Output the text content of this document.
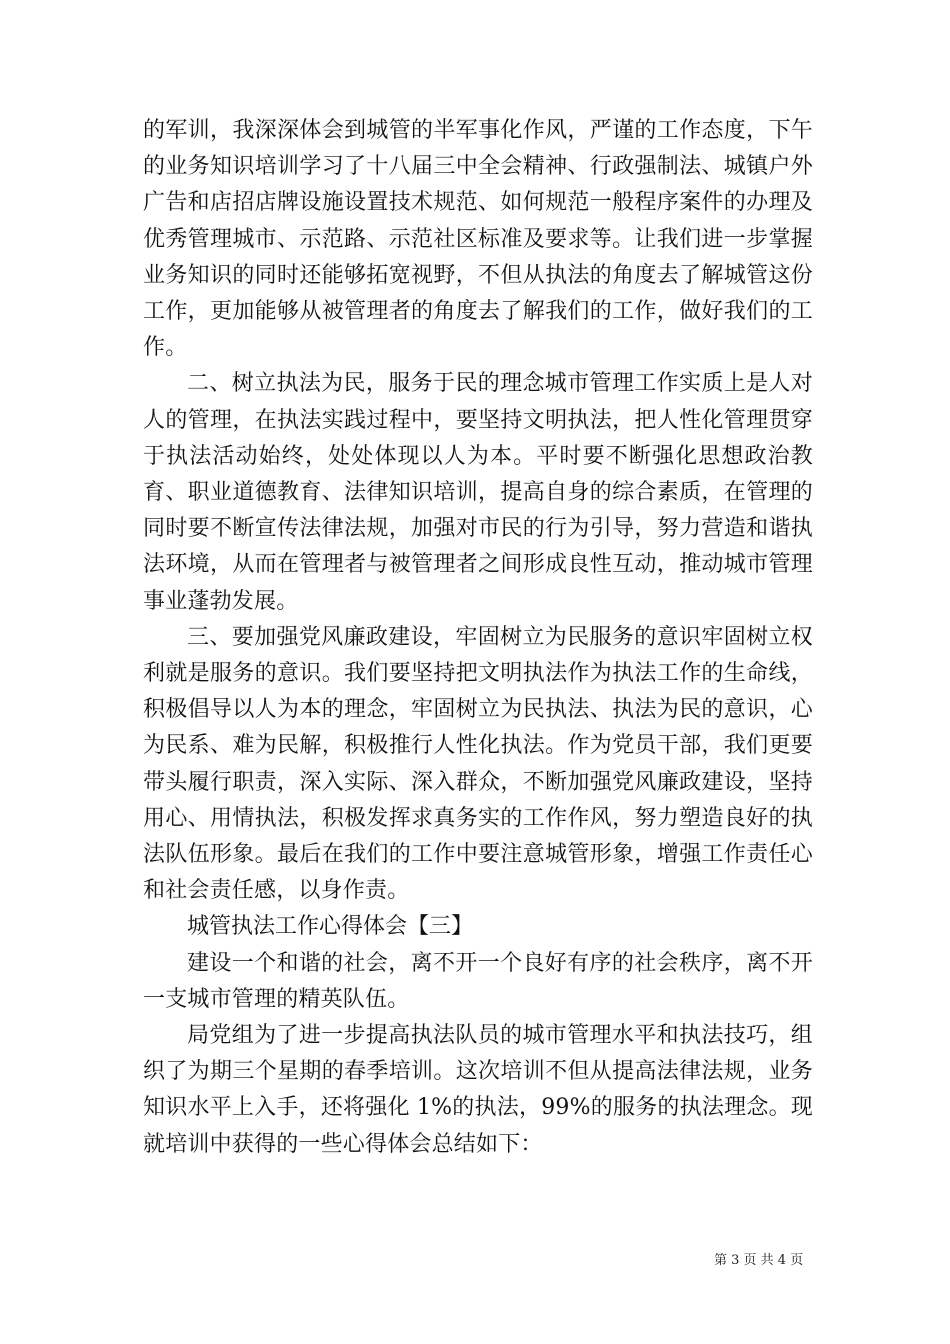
的军训，我深深体会到城管的半军事化作风，严谨的工作态度，下午的业务知识培训学习了十八届三中全会精神、行政强制法、城镇户外广告和店招店牌设施设置技术规范、如何规范一般程序案件的办理及优秀管理城市、示范路、示范社区标准及要求等。让我们进一步掌握业务知识的同时还能够拓宽视野，不但从执法的角度去了解城管这份工作，更加能够从被管理者的角度去了解我们的工作，做好我们的工作。

二、树立执法为民，服务于民的理念城市管理工作实质上是人对人的管理，在执法实践过程中，要坚持文明执法，把人性化管理贯穿于执法活动始终，处处体现以人为本。平时要不断强化思想政治教育、职业道德教育、法律知识培训，提高自身的综合素质，在管理的同时要不断宣传法律法规，加强对市民的行为引导，努力营造和谐执法环境，从而在管理者与被管理者之间形成良性互动，推动城市管理事业蓬勃发展。

三、要加强党风廉政建设，牢固树立为民服务的意识牢固树立权利就是服务的意识。我们要坚持把文明执法作为执法工作的生命线，积极倡导以人为本的理念，牢固树立为民执法、执法为民的意识，心为民系、难为民解，积极推行人性化执法。作为党员干部，我们更要带头履行职责，深入实际、深入群众，不断加强党风廉政建设，坚持用心、用情执法，积极发挥求真务实的工作作风，努力塑造良好的执法队伍形象。最后在我们的工作中要注意城管形象，增强工作责任心和社会责任感，以身作责。

城管执法工作心得体会【三】

建设一个和谐的社会，离不开一个良好有序的社会秩序，离不开一支城市管理的精英队伍。

局党组为了进一步提高执法队员的城市管理水平和执法技巧，组织了为期三个星期的春季培训。这次培训不但从提高法律法规，业务知识水平上入手，还将强化 1%的执法，99%的服务的执法理念。现就培训中获得的一些心得体会总结如下：

第 3 页 共 4 页
